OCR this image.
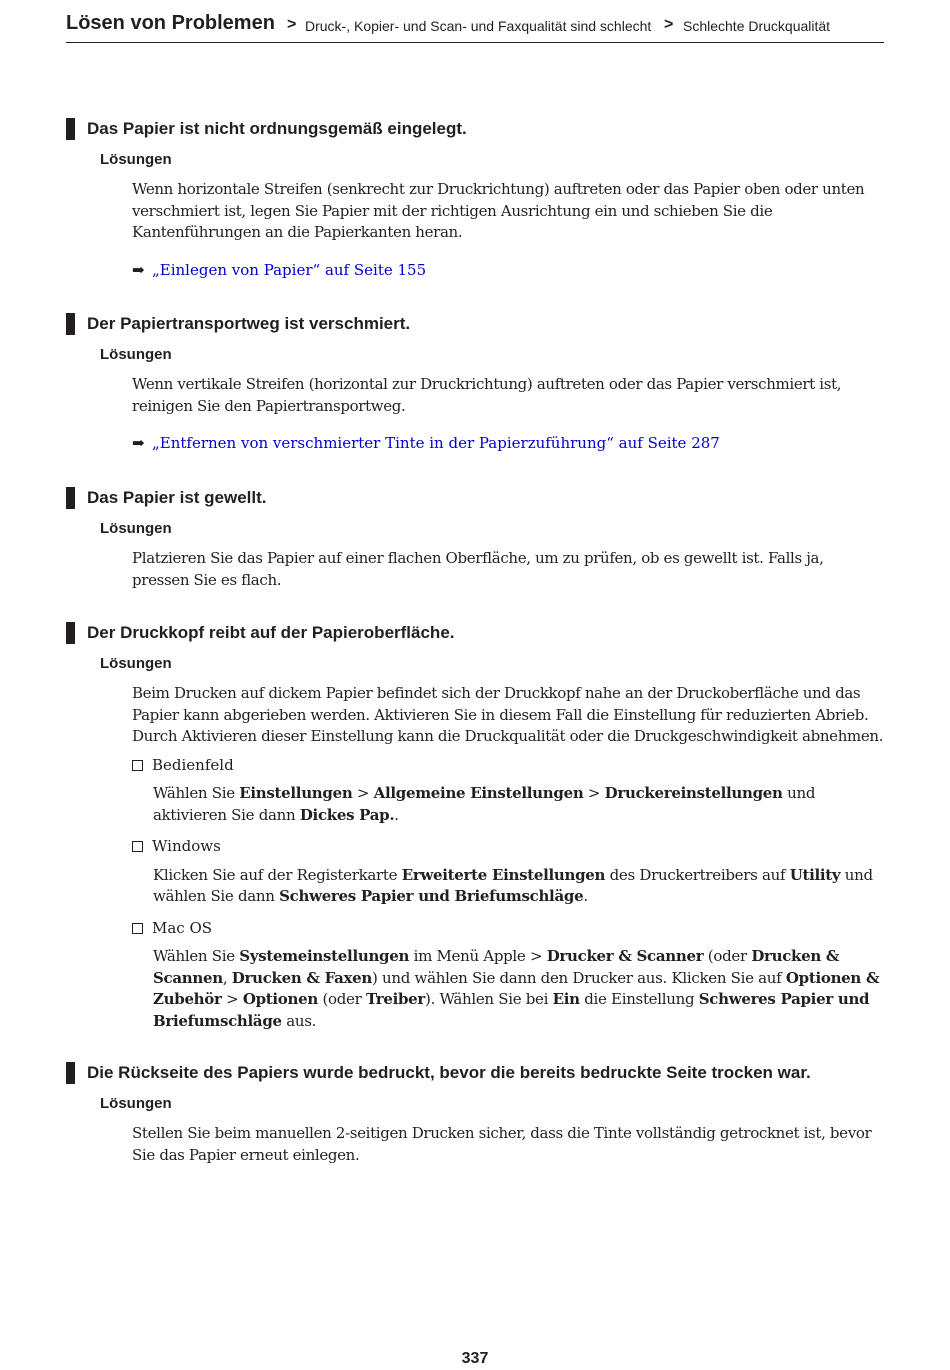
Lösen von Problemen > Druck-, Kopier- und Scan- und Faxqualität sind schlecht > Schlechte Druckqualität
Das Papier ist nicht ordnungsgemäß eingelegt.
Lösungen
Wenn horizontale Streifen (senkrecht zur Druckrichtung) auftreten oder das Papier oben oder unten verschmiert ist, legen Sie Papier mit der richtigen Ausrichtung ein und schieben Sie die Kantenführungen an die Papierkanten heran.
➡ „Einlegen von Papier“ auf Seite 155
Der Papiertransportweg ist verschmiert.
Lösungen
Wenn vertikale Streifen (horizontal zur Druckrichtung) auftreten oder das Papier verschmiert ist, reinigen Sie den Papiertransportweg.
➡ „Entfernen von verschmierter Tinte in der Papierzuführung“ auf Seite 287
Das Papier ist gewellt.
Lösungen
Platzieren Sie das Papier auf einer flachen Oberfläche, um zu prüfen, ob es gewellt ist. Falls ja, pressen Sie es flach.
Der Druckkopf reibt auf der Papieroberfläche.
Lösungen
Beim Drucken auf dickem Papier befindet sich der Druckkopf nahe an der Druckoberfläche und das Papier kann abgerieben werden. Aktivieren Sie in diesem Fall die Einstellung für reduzierten Abrieb. Durch Aktivieren dieser Einstellung kann die Druckqualität oder die Druckgeschwindigkeit abnehmen.
Bedienfeld
Wählen Sie Einstellungen > Allgemeine Einstellungen > Druckereinstellungen und aktivieren Sie dann Dickes Pap..
Windows
Klicken Sie auf der Registerkarte Erweiterte Einstellungen des Druckertreibers auf Utility und wählen Sie dann Schweres Papier und Briefumschläge.
Mac OS
Wählen Sie Systemeinstellungen im Menü Apple > Drucker & Scanner (oder Drucken & Scannen, Drucken & Faxen) und wählen Sie dann den Drucker aus. Klicken Sie auf Optionen & Zubehör > Optionen (oder Treiber). Wählen Sie bei Ein die Einstellung Schweres Papier und Briefumschläge aus.
Die Rückseite des Papiers wurde bedruckt, bevor die bereits bedruckte Seite trocken war.
Lösungen
Stellen Sie beim manuellen 2-seitigen Drucken sicher, dass die Tinte vollständig getrocknet ist, bevor Sie das Papier erneut einlegen.
337
